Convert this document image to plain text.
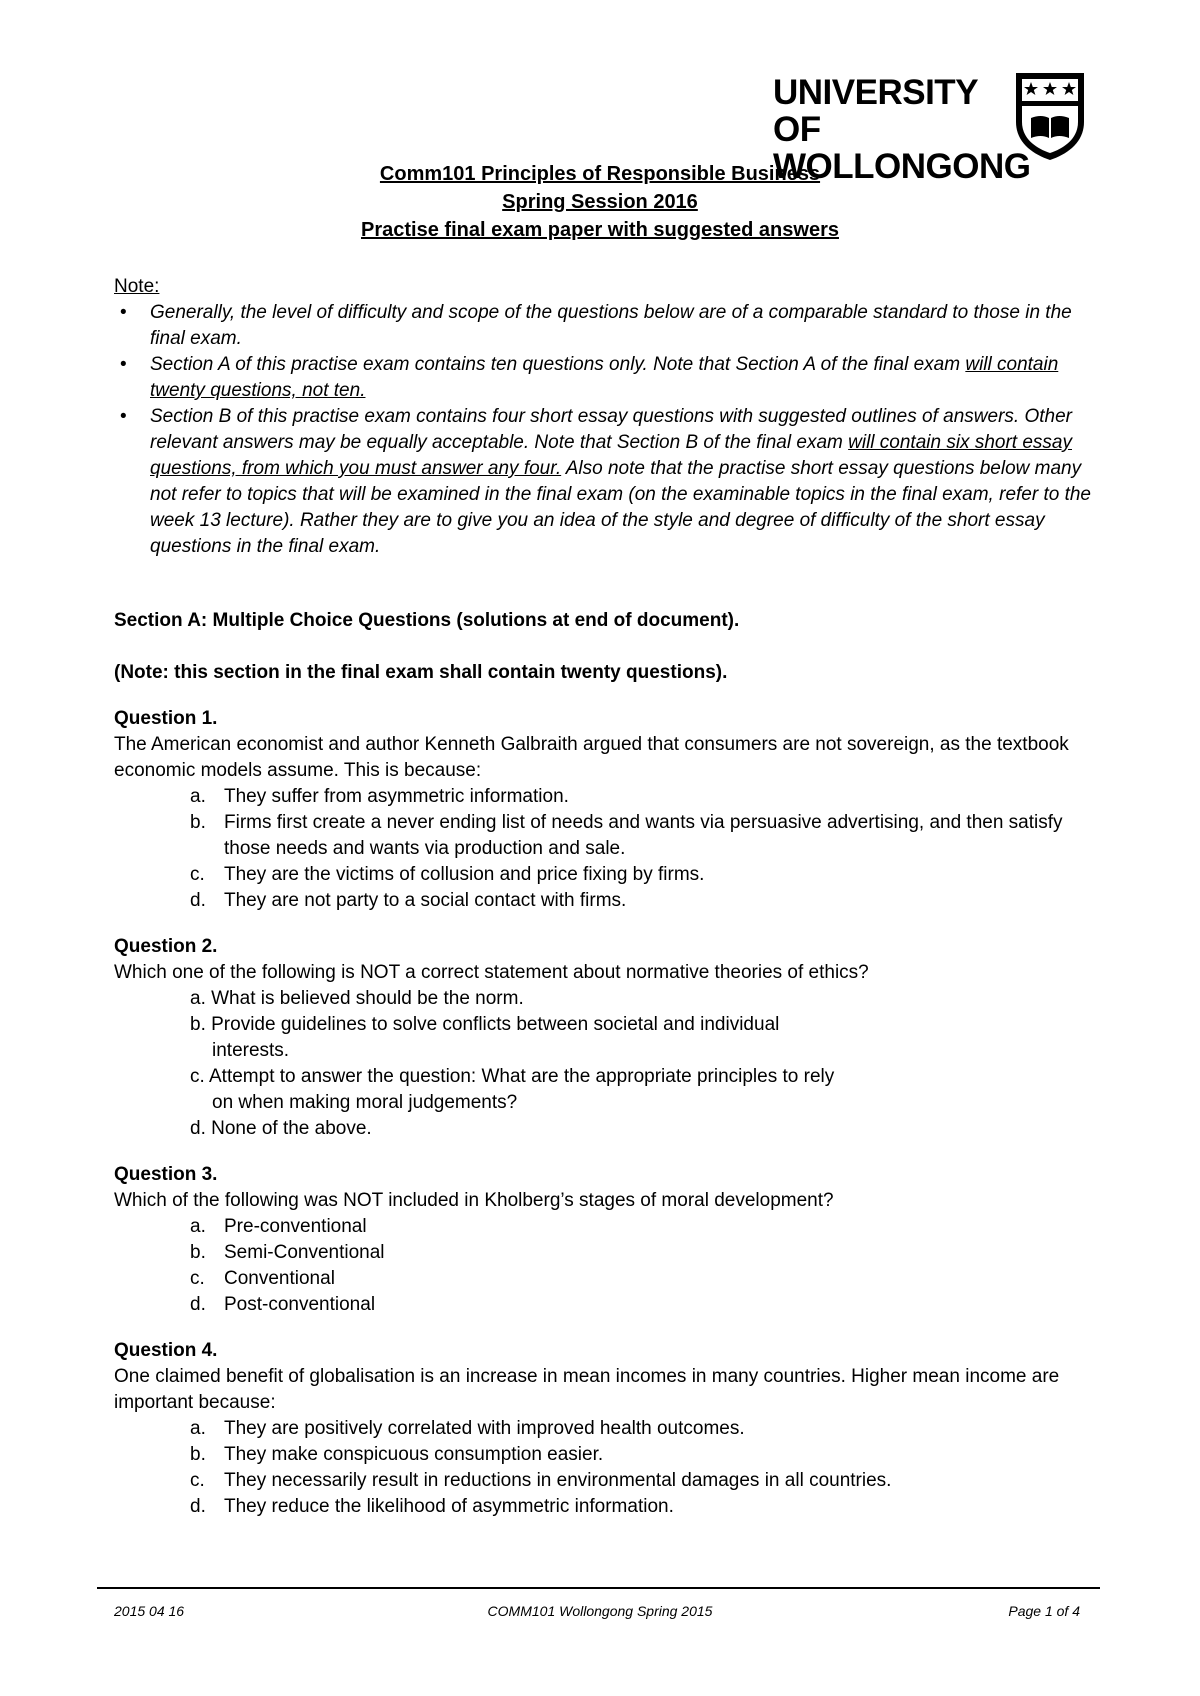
UNIVERSITY OF
WOLLONGONG
Comm101 Principles of Responsible Business
Spring Session 2016
Practise final exam paper with suggested answers
Note:
• Generally, the level of difficulty and scope of the questions below are of a comparable standard to those in the final exam.
• Section A of this practise exam contains ten questions only. Note that Section A of the final exam will contain twenty questions, not ten.
• Section B of this practise exam contains four short essay questions with suggested outlines of answers. Other relevant answers may be equally acceptable. Note that Section B of the final exam will contain six short essay questions, from which you must answer any four. Also note that the practise short essay questions below many not refer to topics that will be examined in the final exam (on the examinable topics in the final exam, refer to the week 13 lecture). Rather they are to give you an idea of the style and degree of difficulty of the short essay questions in the final exam.
Section A: Multiple Choice Questions (solutions at end of document).
(Note: this section in the final exam shall contain twenty questions).
Question 1.
The American economist and author Kenneth Galbraith argued that consumers are not sovereign, as the textbook economic models assume. This is because:
a. They suffer from asymmetric information.
b. Firms first create a never ending list of needs and wants via persuasive advertising, and then satisfy those needs and wants via production and sale.
c. They are the victims of collusion and price fixing by firms.
d. They are not party to a social contact with firms.
Question 2.
Which one of the following is NOT a correct statement about normative theories of ethics?
a. What is believed should be the norm.
b. Provide guidelines to solve conflicts between societal and individual
interests.
c. Attempt to answer the question: What are the appropriate principles to rely
on when making moral judgements?
d. None of the above.
Question 3.
Which of the following was NOT included in Kholberg’s stages of moral development?
a. Pre-conventional
b. Semi-Conventional
c. Conventional
d. Post-conventional
Question 4.
One claimed benefit of globalisation is an increase in mean incomes in many countries. Higher mean income are important because:
a. They are positively correlated with improved health outcomes.
b. They make conspicuous consumption easier.
c. They necessarily result in reductions in environmental damages in all countries.
d. They reduce the likelihood of asymmetric information.
2015 04 16	COMM101 Wollongong Spring 2015	Page 1 of 4
